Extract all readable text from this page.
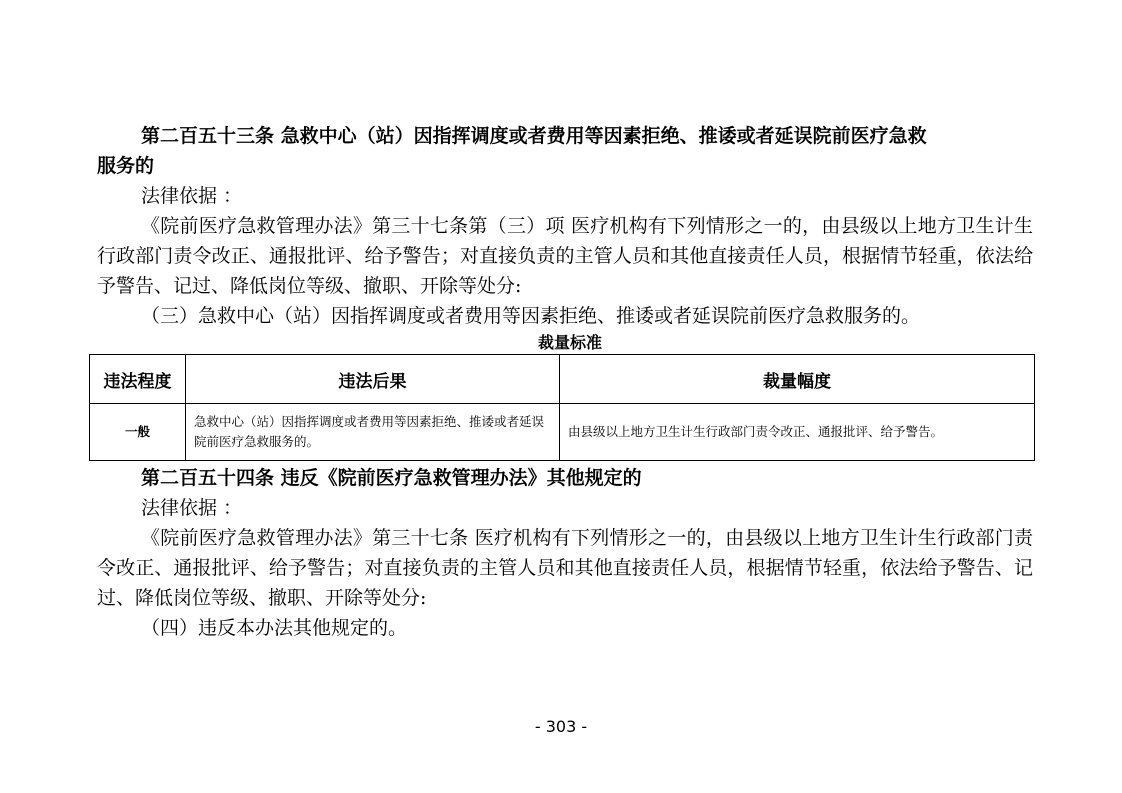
第二百五十三条 急救中心（站）因指挥调度或者费用等因素拒绝、推诿或者延误院前医疗急救

服务的

法律依据 ：

《院前医疗急救管理办法》第三十七条第（三）项 医疗机构有下列情形之一的，由县级以上地方卫生计生行政部门责令改正、通报批评、给予警告；对直接负责的主管人员和其他直接责任人员，根据情节轻重，依法给予警告、记过、降低岗位等级、撤职、开除等处分:

（三）急救中心（站）因指挥调度或者费用等因素拒绝、推诿或者延误院前医疗急救服务的。

裁量标准
违法程度	违法后果	裁量幅度
一般	急救中心（站）因指挥调度或者费用等因素拒绝、推诿或者延误院前医疗急救服务的。	由县级以上地方卫生计生行政部门责令改正、通报批评、给予警告。

第二百五十四条 违反《院前医疗急救管理办法》其他规定的

法律依据 ：

《院前医疗急救管理办法》第三十七条 医疗机构有下列情形之一的，由县级以上地方卫生计生行政部门责令改正、通报批评、给予警告；对直接负责的主管人员和其他直接责任人员，根据情节轻重，依法给予警告、记过、降低岗位等级、撤职、开除等处分:

（四）违反本办法其他规定的。

- 303 -
